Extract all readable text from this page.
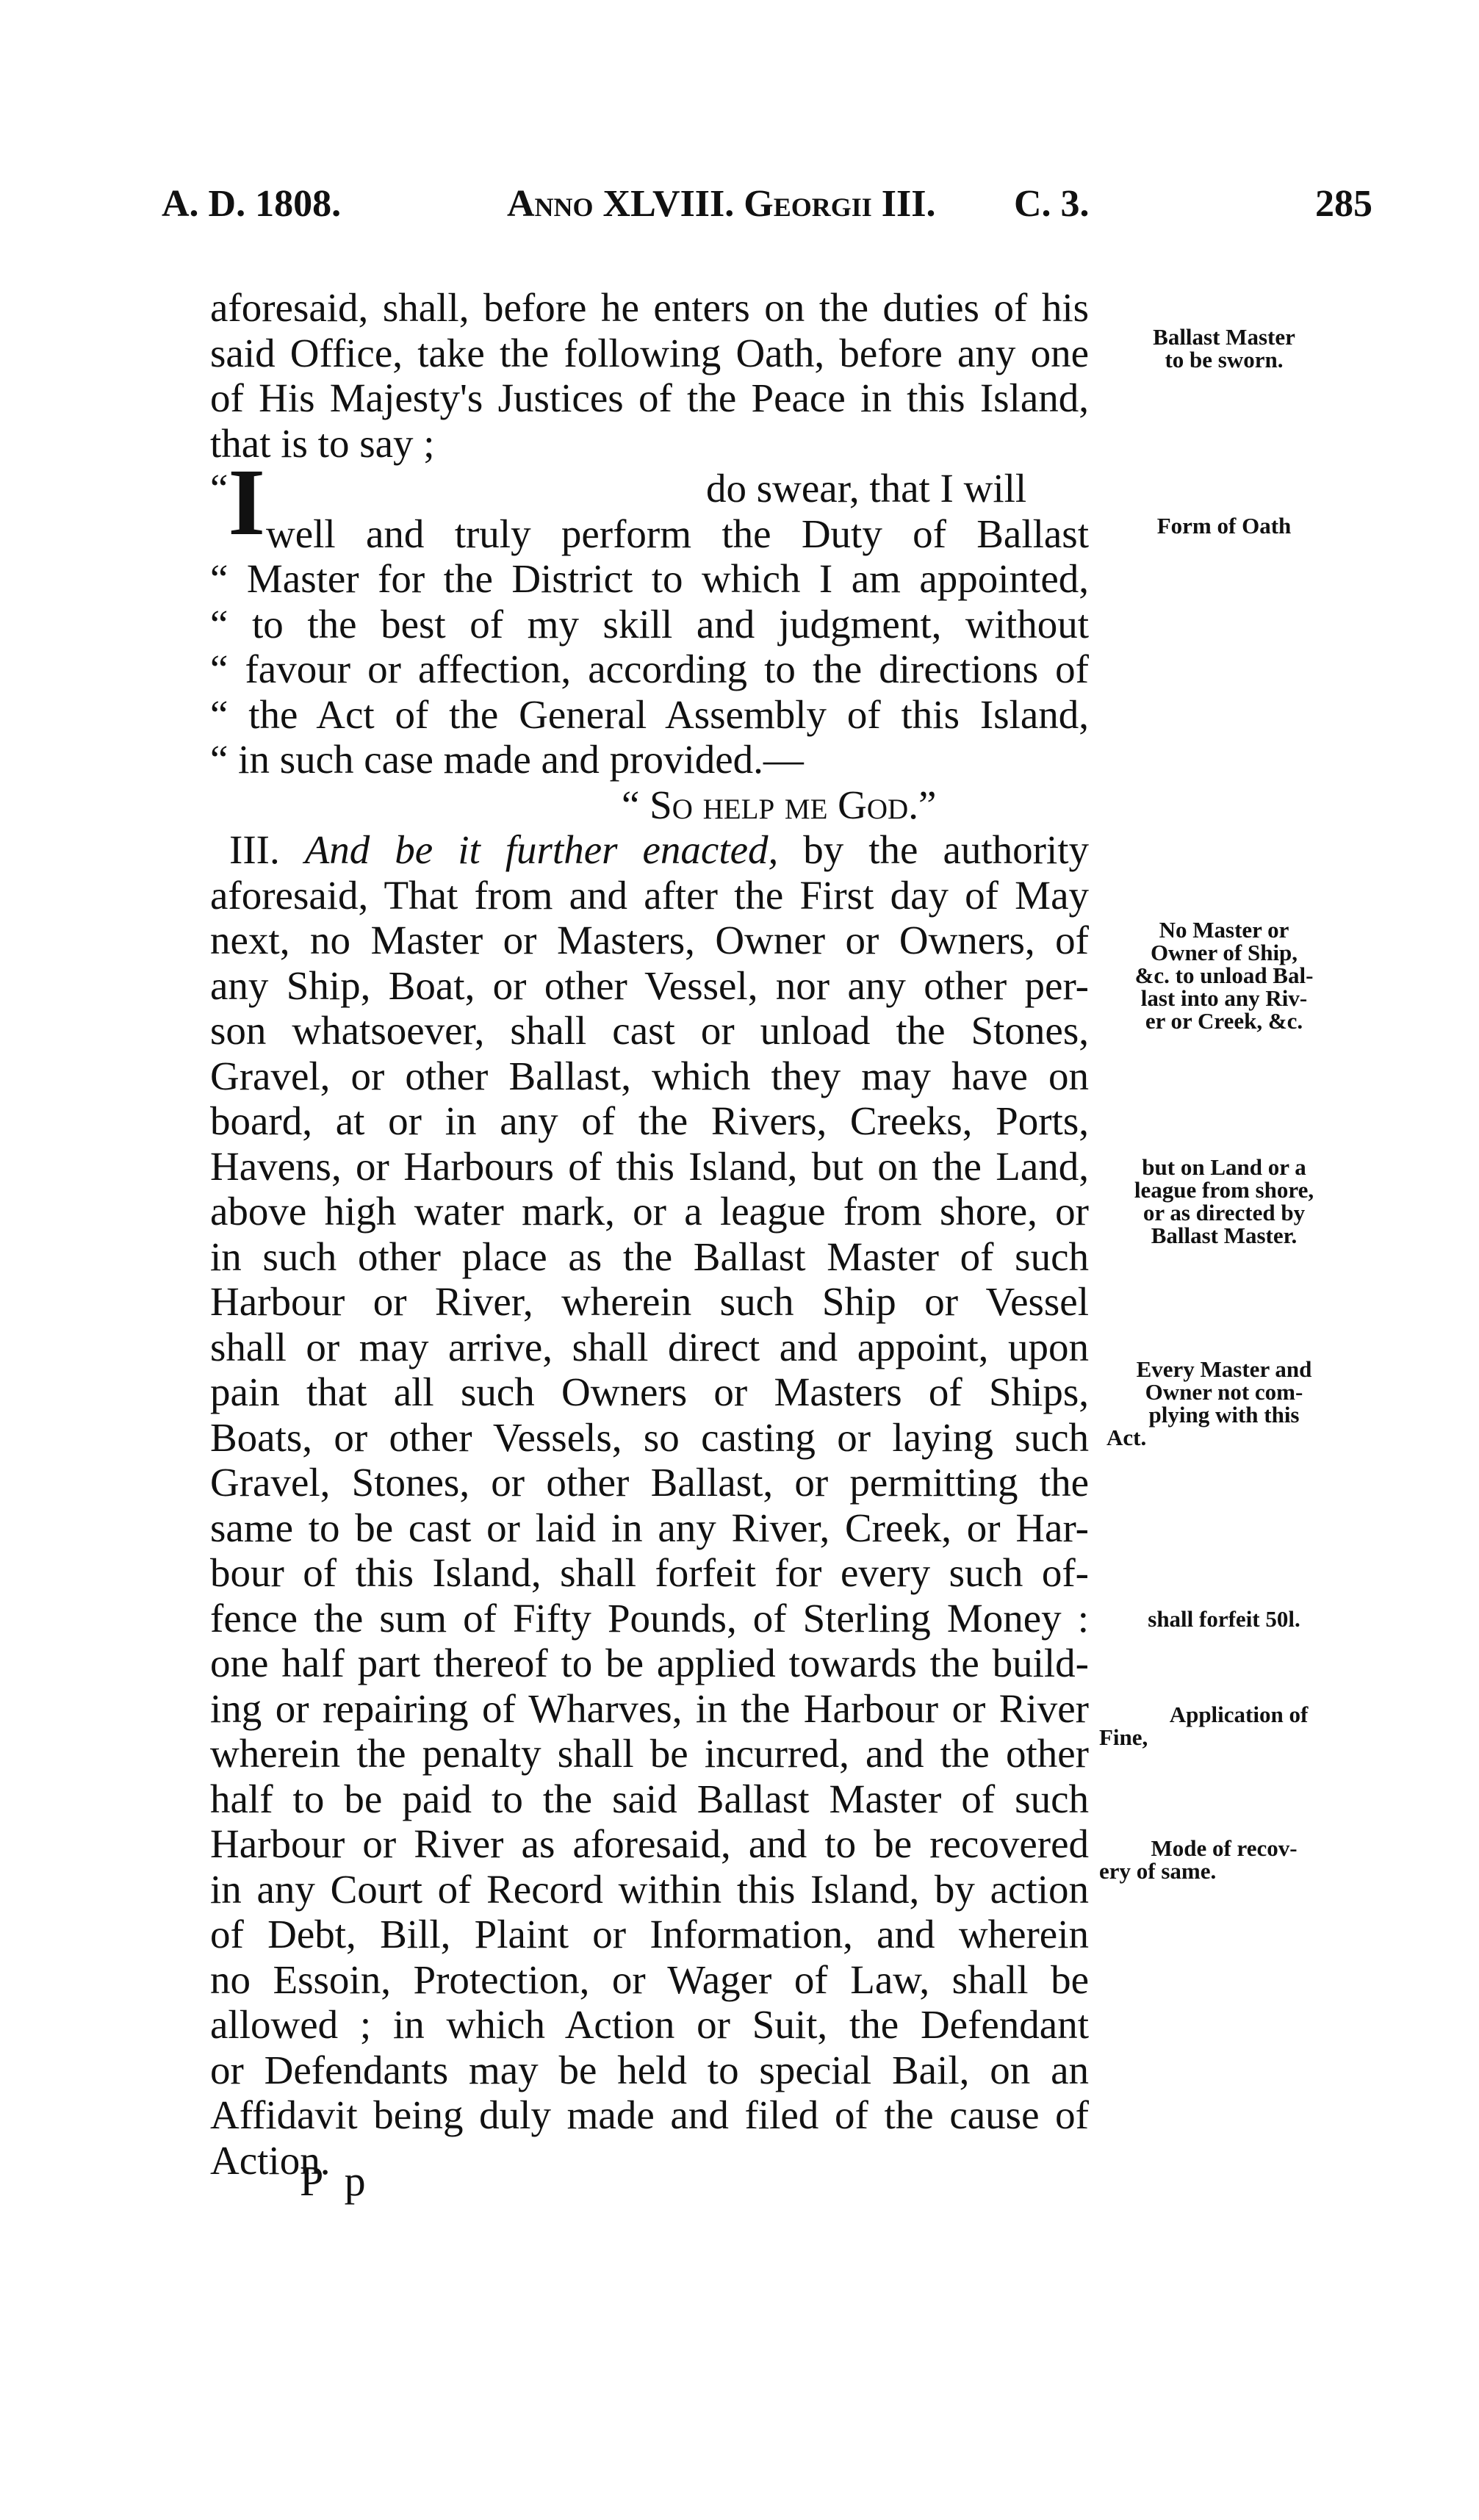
A. D. 1808.	Anno XLVIII. Georgii III. C. 3.	285
aforesaid, shall, before he enters on the duties of his
said Office, take the following Oath, before any one
of His Majesty's Justices of the Peace in this Island,
that is to say ;
“I	do swear, that I will
well and truly perform the Duty of Ballast
“ Master for the District to which I am appointed,
“ to the best of my skill and judgment, without
“ favour or affection, according to the directions of
“ the Act of the General Assembly of this Island,
“ in such case made and provided.—
“ So help me God.”
III. And be it further enacted, by the authority
aforesaid, That from and after the First day of May
next, no Master or Masters, Owner or Owners, of
any Ship, Boat, or other Vessel, nor any other per-
son whatsoever, shall cast or unload the Stones,
Gravel, or other Ballast, which they may have on
board, at or in any of the Rivers, Creeks, Ports,
Havens, or Harbours of this Island, but on the Land,
above high water mark, or a league from shore, or
in such other place as the Ballast Master of such
Harbour or River, wherein such Ship or Vessel
shall or may arrive, shall direct and appoint, upon
pain that all such Owners or Masters of Ships,
Boats, or other Vessels, so casting or laying such
Gravel, Stones, or other Ballast, or permitting the
same to be cast or laid in any River, Creek, or Har-
bour of this Island, shall forfeit for every such of-
fence the sum of Fifty Pounds, of Sterling Money :
one half part thereof to be applied towards the build-
ing or repairing of Wharves, in the Harbour or River
wherein the penalty shall be incurred, and the other
half to be paid to the said Ballast Master of such
Harbour or River as aforesaid, and to be recovered
in any Court of Record within this Island, by action
of Debt, Bill, Plaint or Information, and wherein
no Essoin, Protection, or Wager of Law, shall be
allowed ; in which Action or Suit, the Defendant
or Defendants may be held to special Bail, on an
Affidavit being duly made and filed of the cause of
Action.
Ballast Master
to be sworn.
Form of Oath
No Master or
Owner of Ship,
&c. to unload Bal-
last into any Riv-
er or Creek, &c.
but on Land or a
league from shore,
or as directed by
Ballast Master.
Every Master and
Owner not com-
plying with this
Act.
shall forfeit 50l.
Application of
Fine,
Mode of recov-
ery of same.
P p
